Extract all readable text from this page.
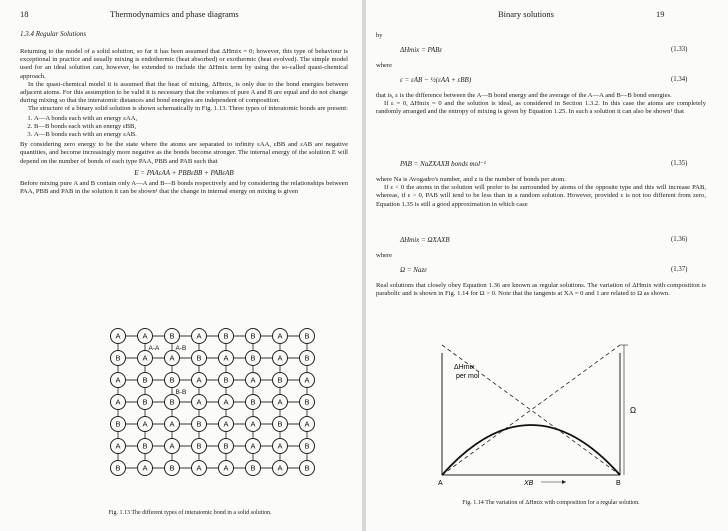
18	Thermodynamics and phase diagrams
1.3.4 Regular Solutions

Returning to the model of a solid solution, so far it has been assumed that ΔHmix = 0; however, this type of behaviour is exceptional in practice and usually mixing is endothermic (heat absorbed) or exothermic (heat evolved). The simple model used for an ideal solution can, however, be extended to include the ΔHmix term by using the so-called quasi-chemical approach.

In the quasi-chemical model it is assumed that the heat of mixing, ΔHmix, is only due to the bond energies between adjacent atoms. For this assumption to be valid it is necessary that the volumes of pure A and B are equal and do not change during mixing so that the interatomic distances and bond energies are independent of composition.

The structure of a binary solid solution is shown schematically in Fig. 1.13. Three types of interatomic bonds are present:

1. A—A bonds each with an energy εAA,
2. B—B bonds each with an energy εBB,
3. A—B bonds each with an energy εAB.

By considering zero energy to be the state where the atoms are separated to infinity εAA, εBB and εAB are negative quantities, and become increasingly more negative as the bonds become stronger. The internal energy of the solution E will depend on the number of bonds of each type PAA, PBB and PAB such that

E = PAAεAA + PBBεBB + PABεAB

Before mixing pure A and B contain only A—A and B—B bonds respectively and by considering the relationships between PAA, PBB and PAB in the solution it can be shown¹ that the change in internal energy on mixing is given

A	A	B	A	B	B	A	B
B	A	A	B	A	B	A	B
A	B	B	A	B	A	B	A
A	B	B	A	A	B	A	B
B	A	A	B	A	A	B	A
A	B	A	B	B	A	A	B
B	A	B	A	A	B	A	B
A-A A-B
B-B
Fig. 1.13 The different types of interatomic bond in a solid solution.
Binary solutions	19
by
ΔHmix = PABε	(1.33)
where
ε = εAB − ½(εAA + εBB)	(1.34)

that is, ε is the difference between the A—B bond energy and the average of the A—A and B—B bond energies.

If ε = 0, ΔHmix = 0 and the solution is ideal, as considered in Section 1.3.2. In this case the atoms are completely randomly arranged and the entropy of mixing is given by Equation 1.25. In such a solution it can also be shown¹ that

PAB = NaZXAXB bonds mol⁻¹	(1.35)

where Na is Avogadro's number, and z is the number of bonds per atom.

If ε < 0 the atoms in the solution will prefer to be surrounded by atoms of the opposite type and this will increase PAB, whereas, if ε > 0, PAB will tend to be less than in a random solution. However, provided ε is not too different from zero, Equation 1.35 is still a good approximation in which case

ΔHmix = ΩXAXB	(1.36)
where
Ω = Nazε	(1.37)

Real solutions that closely obey Equation 1.36 are known as regular solutions. The variation of ΔHmix with composition is parabolic and is shown in Fig. 1.14 for Ω > 0. Note that the tangents at XA = 0 and 1 are related to Ω as shown.

Ω
ΔHmix
per mol
A	B
XB
Fig. 1.14 The variation of ΔHmix with composition for a regular solution.
